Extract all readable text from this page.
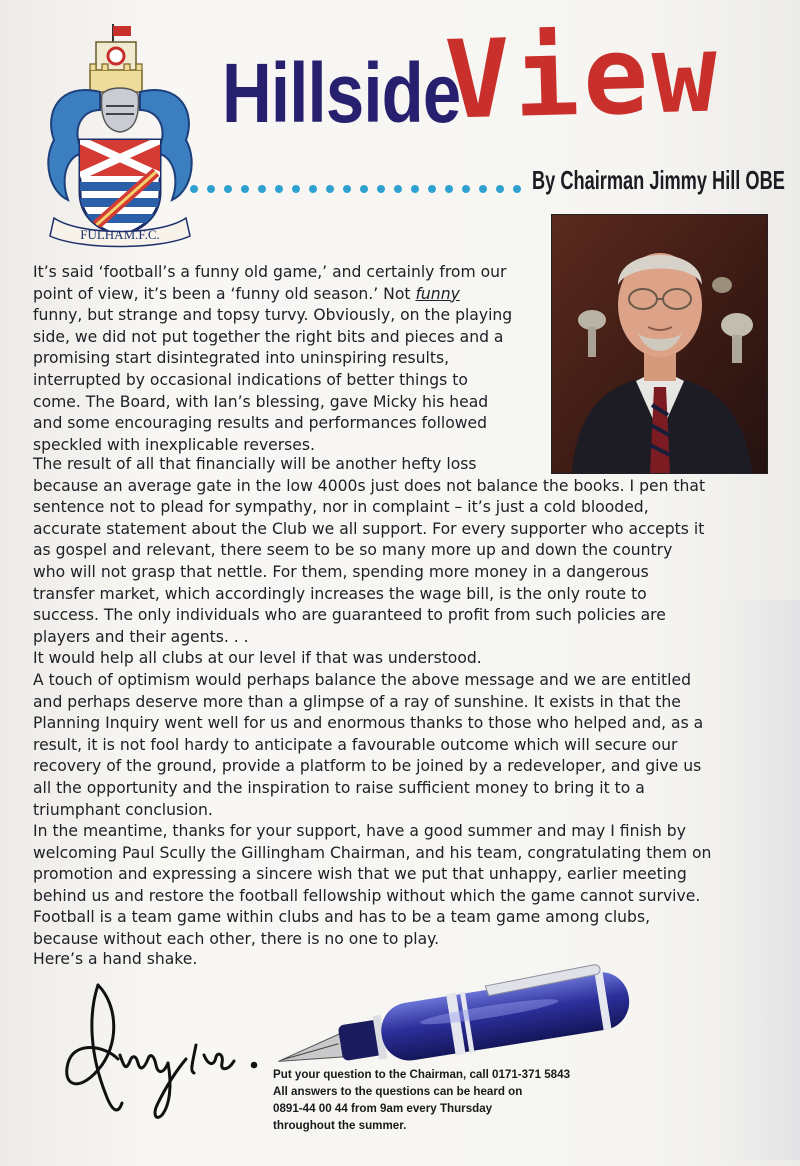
FULHAM.F.C.
Hillside
View
By Chairman Jimmy Hill OBE

It’s said ‘football’s a funny old game,’ and certainly from our
point of view, it’s been a ‘funny old season.’ Not funny
funny, but strange and topsy turvy. Obviously, on the playing
side, we did not put together the right bits and pieces and a
promising start disintegrated into uninspiring results,
interrupted by occasional indications of better things to
come. The Board, with Ian’s blessing, gave Micky his head
and some encouraging results and performances followed
speckled with inexplicable reverses.

The result of all that financially will be another hefty loss
because an average gate in the low 4000s just does not balance the books. I pen that
sentence not to plead for sympathy, nor in complaint – it’s just a cold blooded,
accurate statement about the Club we all support. For every supporter who accepts it
as gospel and relevant, there seem to be so many more up and down the country
who will not grasp that nettle. For them, spending more money in a dangerous
transfer market, which accordingly increases the wage bill, is the only route to
success. The only individuals who are guaranteed to profit from such policies are
players and their agents. . .

It would help all clubs at our level if that was understood.

A touch of optimism would perhaps balance the above message and we are entitled
and perhaps deserve more than a glimpse of a ray of sunshine. It exists in that the
Planning Inquiry went well for us and enormous thanks to those who helped and, as a
result, it is not fool hardy to anticipate a favourable outcome which will secure our
recovery of the ground, provide a platform to be joined by a redeveloper, and give us
all the opportunity and the inspiration to raise sufficient money to bring it to a
triumphant conclusion.

In the meantime, thanks for your support, have a good summer and may I finish by
welcoming Paul Scully the Gillingham Chairman, and his team, congratulating them on
promotion and expressing a sincere wish that we put that unhappy, earlier meeting
behind us and restore the football fellowship without which the game cannot survive.
Football is a team game within clubs and has to be a team game among clubs,
because without each other, there is no one to play.

Here’s a hand shake.

Put your question to the Chairman, call 0171-371 5843
All answers to the questions can be heard on
0891-44 00 44 from 9am every Thursday
throughout the summer.
